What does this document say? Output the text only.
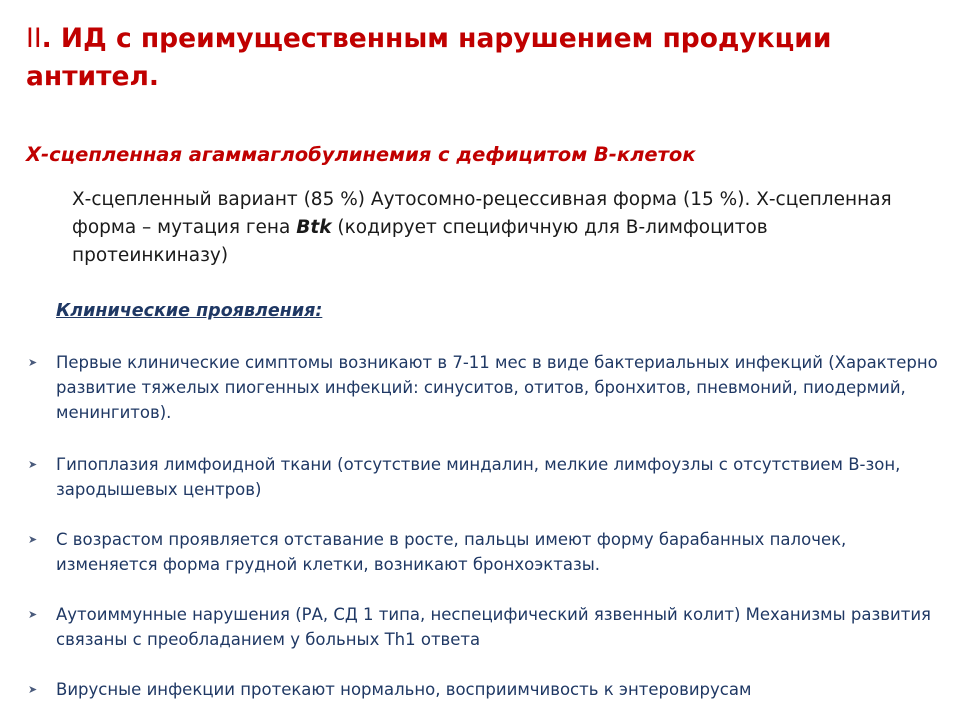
II. ИД с преимущественным нарушением продукции антител.
Х-сцепленная агаммаглобулинемия с дефицитом В-клеток

Х-сцепленный вариант (85 %) Аутосомно-рецессивная форма (15 %). Х-сцепленная форма – мутация гена Btk (кодирует специфичную для В-лимфоцитов протеинкиназу)

Клинические проявления:

➤ Первые клинические симптомы возникают в 7-11 мес в виде бактериальных инфекций (Характерно развитие тяжелых пиогенных инфекций: синуситов, отитов, бронхитов, пневмоний, пиодермий, менингитов).
➤ Гипоплазия лимфоидной ткани (отсутствие миндалин, мелкие лимфоузлы с отсутствием В-зон, зародышевых центров)
➤ С возрастом проявляется отставание в росте, пальцы имеют форму барабанных палочек, изменяется форма грудной клетки, возникают бронхоэктазы.
➤ Аутоиммунные нарушения (РА, СД 1 типа, неспецифический язвенный колит) Механизмы развития связаны с преобладанием у больных Th1 ответа
➤ Вирусные инфекции протекают нормально, восприимчивость к энтеровирусам
